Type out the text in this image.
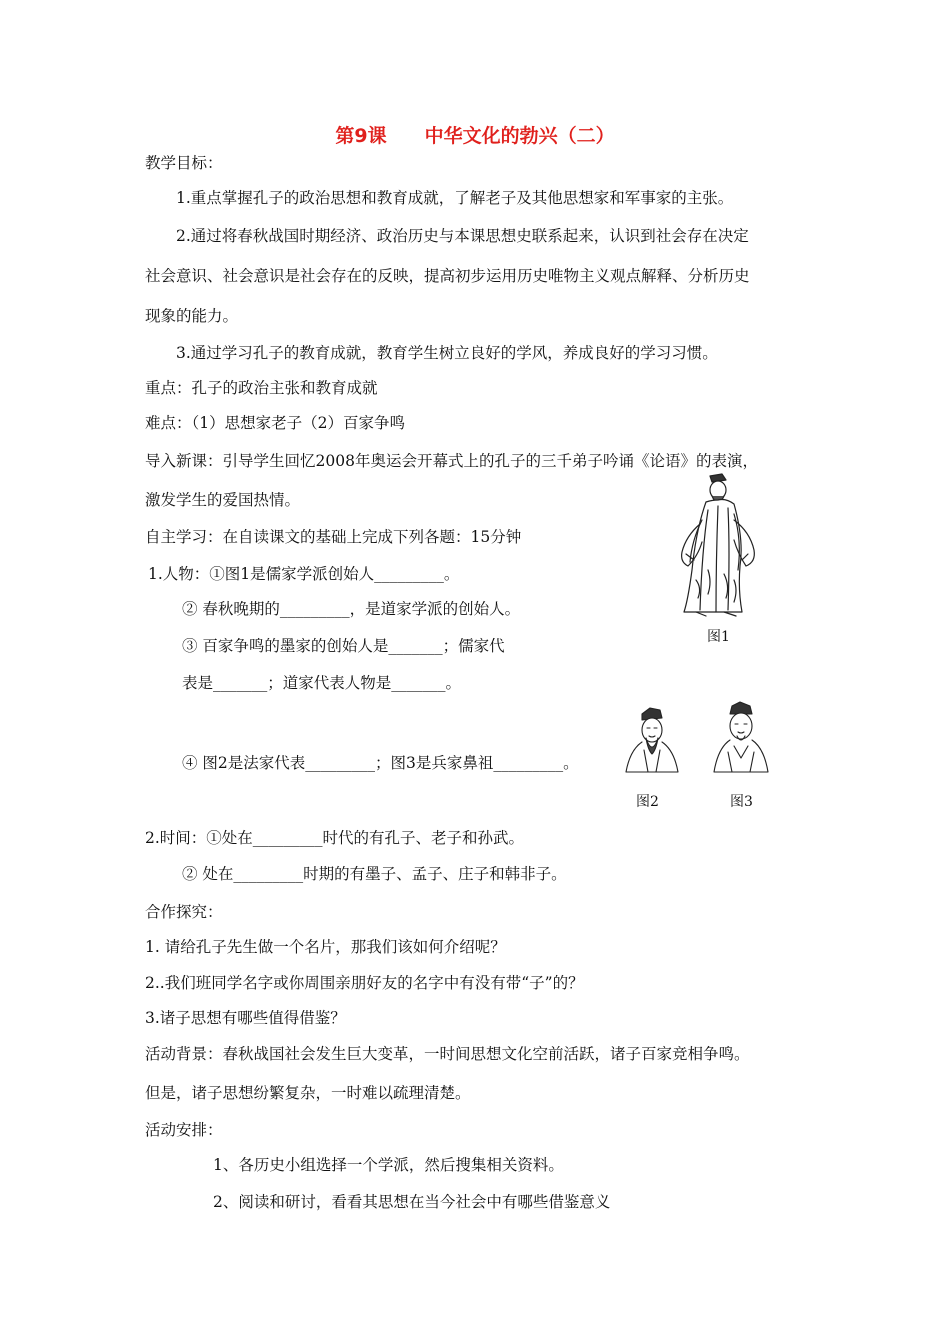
第9课　　中华文化的勃兴（二）
教学目标：
1.重点掌握孔子的政治思想和教育成就，了解老子及其他思想家和军事家的主张。
2.通过将春秋战国时期经济、政治历史与本课思想史联系起来，认识到社会存在决定
社会意识、社会意识是社会存在的反映，提高初步运用历史唯物主义观点解释、分析历史
现象的能力。
3.通过学习孔子的教育成就，教育学生树立良好的学风，养成良好的学习习惯。
重点：孔子的政治主张和教育成就
难点：（1）思想家老子（2）百家争鸣
导入新课：引导学生回忆2008年奥运会开幕式上的孔子的三千弟子吟诵《论语》的表演，
激发学生的爱国热情。
自主学习：在自读课文的基础上完成下列各题：15分钟
1.人物：①图1是儒家学派创始人_________。
② 春秋晚期的_________，是道家学派的创始人。
③ 百家争鸣的墨家的创始人是_______；儒家代
表是_______；道家代表人物是_______。
④ 图2是法家代表_________；图3是兵家鼻祖_________。
2.时间：①处在_________时代的有孔子、老子和孙武。
② 处在_________时期的有墨子、孟子、庄子和韩非子。
合作探究：
1. 请给孔子先生做一个名片，那我们该如何介绍呢？
2..我们班同学名字或你周围亲朋好友的名字中有没有带“子”的？
3.诸子思想有哪些值得借鉴？
活动背景：春秋战国社会发生巨大变革，一时间思想文化空前活跃，诸子百家竞相争鸣。
但是，诸子思想纷繁复杂，一时难以疏理清楚。
活动安排：
1、各历史小组选择一个学派，然后搜集相关资料。
2、阅读和研讨，看看其思想在当今社会中有哪些借鉴意义
图1
图2	图3
